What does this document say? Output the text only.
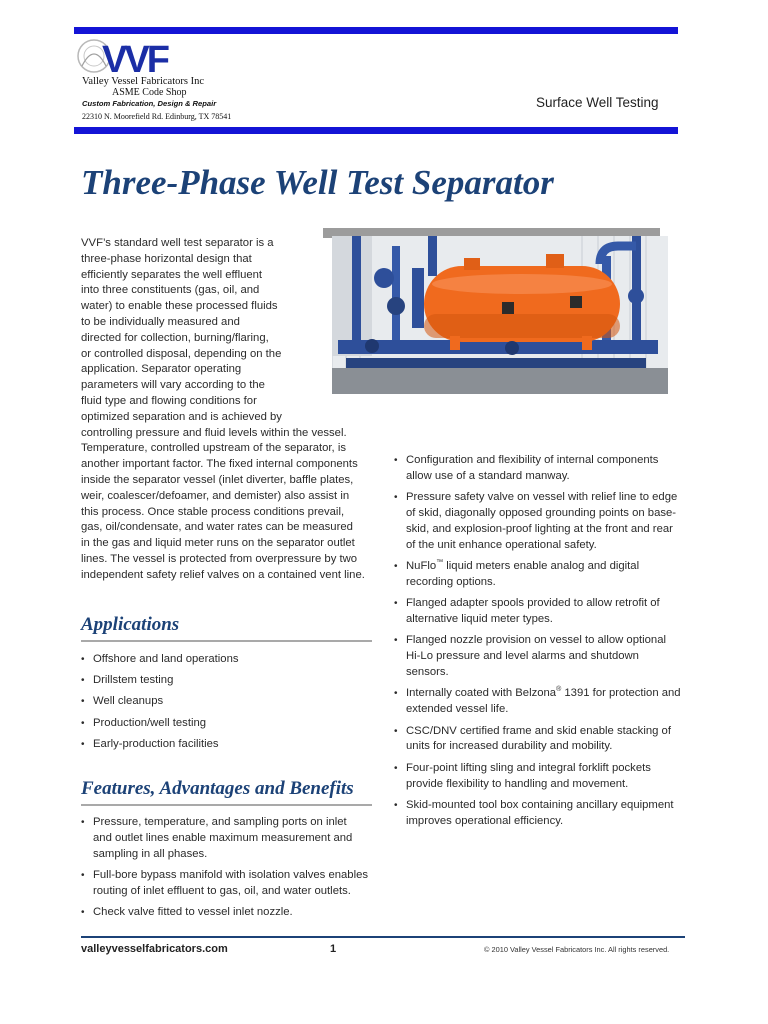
VVF
Valley Vessel Fabricators Inc
ASME Code Shop
Custom Fabrication, Design & Repair
22310 N. Moorefield Rd. Edinburg, TX 78541
Surface Well Testing
Three-Phase Well Test Separator
VVF’s standard well test separator is a
three-phase horizontal design that
efficiently separates the well effluent
into three constituents (gas, oil, and
water) to enable these processed fluids
to be individually measured and
directed for collection, burning/flaring,
or controlled disposal, depending on the
application. Separator operating
parameters will vary according to the
fluid type and flowing conditions for
optimized separation and is achieved by
controlling pressure and fluid levels within the vessel.
Temperature, controlled upstream of the separator, is
another important factor. The fixed internal components
inside the separator vessel (inlet diverter, baffle plates,
weir, coalescer/defoamer, and demister) also assist in
this process. Once stable process conditions prevail,
gas, oil/condensate, and water rates can be measured
in the gas and liquid meter runs on the separator outlet
lines. The vessel is protected from overpressure by two
independent safety relief valves on a contained vent line.
Applications
• Offshore and land operations
• Drillstem testing
• Well cleanups
• Production/well testing
• Early-production facilities
Features, Advantages and Benefits
• Pressure, temperature, and sampling ports on inlet
and outlet lines enable maximum measurement and
sampling in all phases.
• Full-bore bypass manifold with isolation valves enables
routing of inlet effluent to gas, oil, and water outlets.
• Check valve fitted to vessel inlet nozzle.
• Configuration and flexibility of internal components
allow use of a standard manway.
• Pressure safety valve on vessel with relief line to edge
of skid, diagonally opposed grounding points on base-
skid, and explosion-proof lighting at the front and rear
of the unit enhance operational safety.
• NuFlo™ liquid meters enable analog and digital
recording options.
• Flanged adapter spools provided to allow retrofit of
alternative liquid meter types.
• Flanged nozzle provision on vessel to allow optional
Hi-Lo pressure and level alarms and shutdown
sensors.
• Internally coated with Belzona® 1391 for protection and
extended vessel life.
• CSC/DNV certified frame and skid enable stacking of
units for increased durability and mobility.
• Four-point lifting sling and integral forklift pockets
provide flexibility to handling and movement.
• Skid-mounted tool box containing ancillary equipment
improves operational efficiency.
valleyvesselfabricators.com	1	© 2010 Valley Vessel Fabricators Inc. All rights reserved.
